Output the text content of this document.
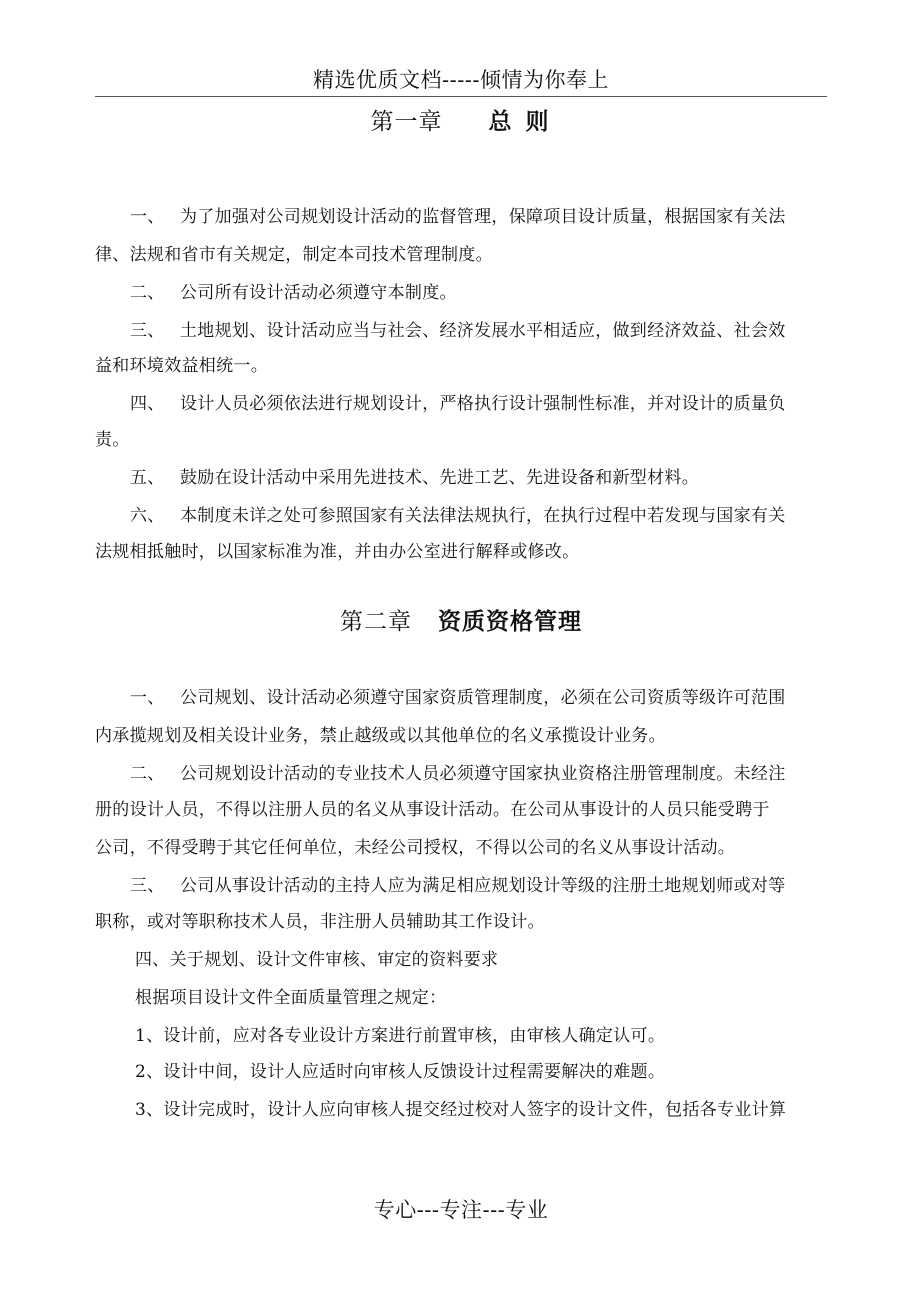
精选优质文档-----倾情为你奉上
第一章 总 则
一、 为了加强对公司规划设计活动的监督管理，保障项目设计质量，根据国家有关法
律、法规和省市有关规定，制定本司技术管理制度。
二、 公司所有设计活动必须遵守本制度。
三、 土地规划、设计活动应当与社会、经济发展水平相适应，做到经济效益、社会效
益和环境效益相统一。
四、 设计人员必须依法进行规划设计，严格执行设计强制性标准，并对设计的质量负
责。
五、 鼓励在设计活动中采用先进技术、先进工艺、先进设备和新型材料。
六、 本制度未详之处可参照国家有关法律法规执行，在执行过程中若发现与国家有关
法规相抵触时，以国家标准为准，并由办公室进行解释或修改。
第二章 资质资格管理
一、 公司规划、设计活动必须遵守国家资质管理制度，必须在公司资质等级许可范围
内承揽规划及相关设计业务，禁止越级或以其他单位的名义承揽设计业务。
二、 公司规划设计活动的专业技术人员必须遵守国家执业资格注册管理制度。未经注
册的设计人员，不得以注册人员的名义从事设计活动。在公司从事设计的人员只能受聘于
公司，不得受聘于其它任何单位，未经公司授权，不得以公司的名义从事设计活动。
三、 公司从事设计活动的主持人应为满足相应规划设计等级的注册土地规划师或对等
职称，或对等职称技术人员，非注册人员辅助其工作设计。
四、关于规划、设计文件审核、审定的资料要求
根据项目设计文件全面质量管理之规定：
1、设计前，应对各专业设计方案进行前置审核，由审核人确定认可。
2、设计中间，设计人应适时向审核人反馈设计过程需要解决的难题。
3、设计完成时，设计人应向审核人提交经过校对人签字的设计文件，包括各专业计算
专心---专注---专业
